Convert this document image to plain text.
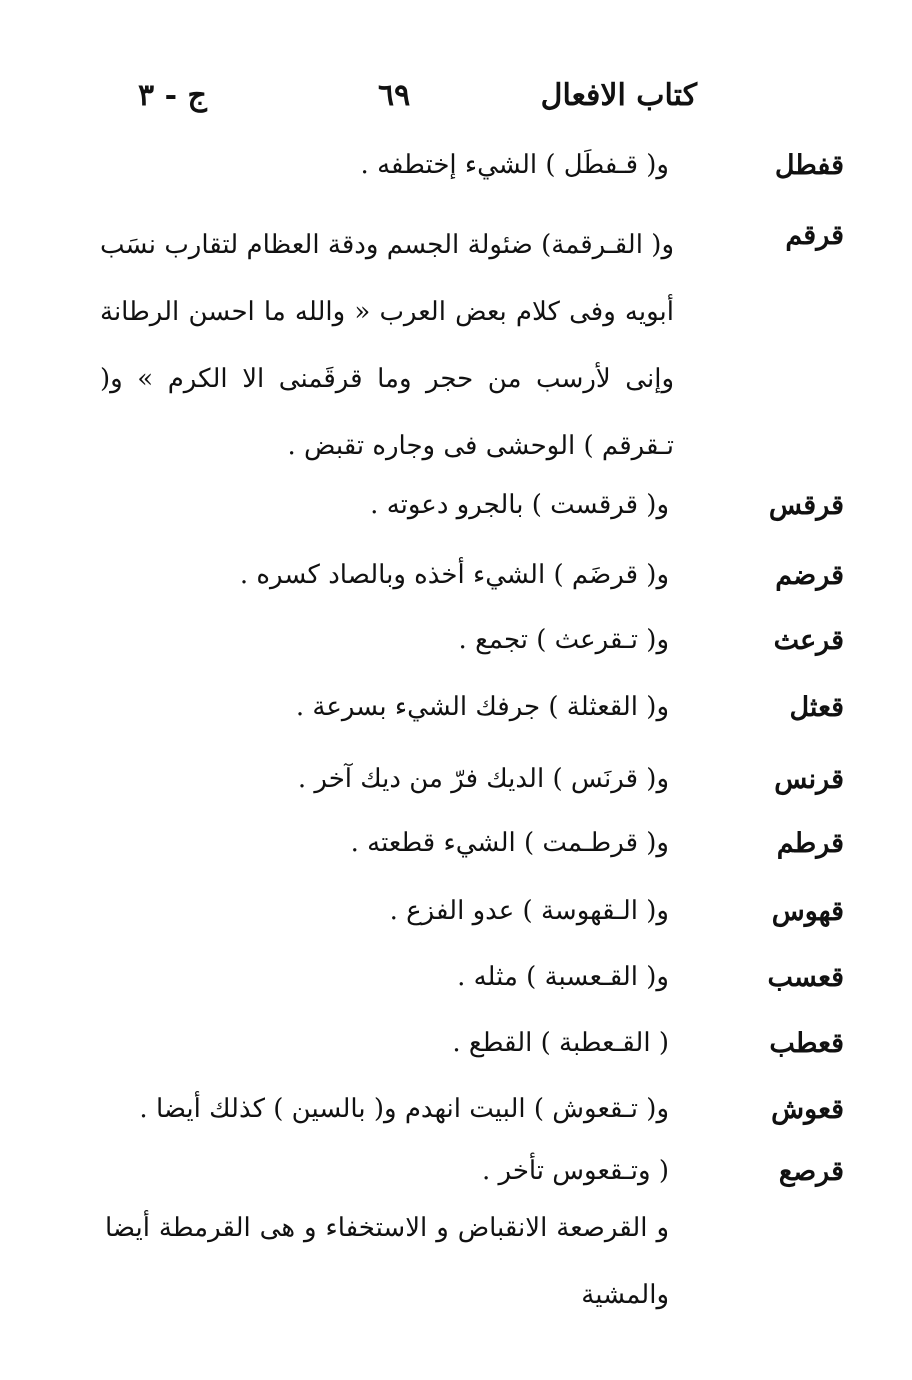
كتاب الافعال
٦٩
ج - ٣
قفطل
و( قـفطَل ) الشيء إختطفه .
قرقم

و( القـرقمة) ضئولة الجسم ودقة العظام لتقارب نسَب أبويه وفى كلام بعض العرب « والله ما احسن الرطانة وإنى لأرسب من حجر وما قرقَمنى الا الكرم » و( تـقرقم ) الوحشى فى وجاره تقبض .

قرقس
و( قرقست ) بالجرو دعوته .
قرضم
و( قرضَم ) الشيء أخذه وبالصاد كسره .
قرعث
و( تـقرعث ) تجمع .
قعثل
و( القعثلة ) جرفك الشيء بسرعة .
قرنس
و( قرنَس ) الديك فرّ من ديك آخر .
قرطم
و( قرطـمت ) الشيء قطعته .
قهوس
و( الـقهوسة ) عدو الفزع .
قعسب
و( القـعسبة ) مثله .
قعطب
( القـعطبة ) القطع .
قعوش
و( تـقعوش ) البيت انهدم و( بالسين ) كذلك أيضا .
قرصع
( وتـقعوس تأخر .

و القرصعة الانقباض و الاستخفاء و هى القرمطة أيضا والمشية
